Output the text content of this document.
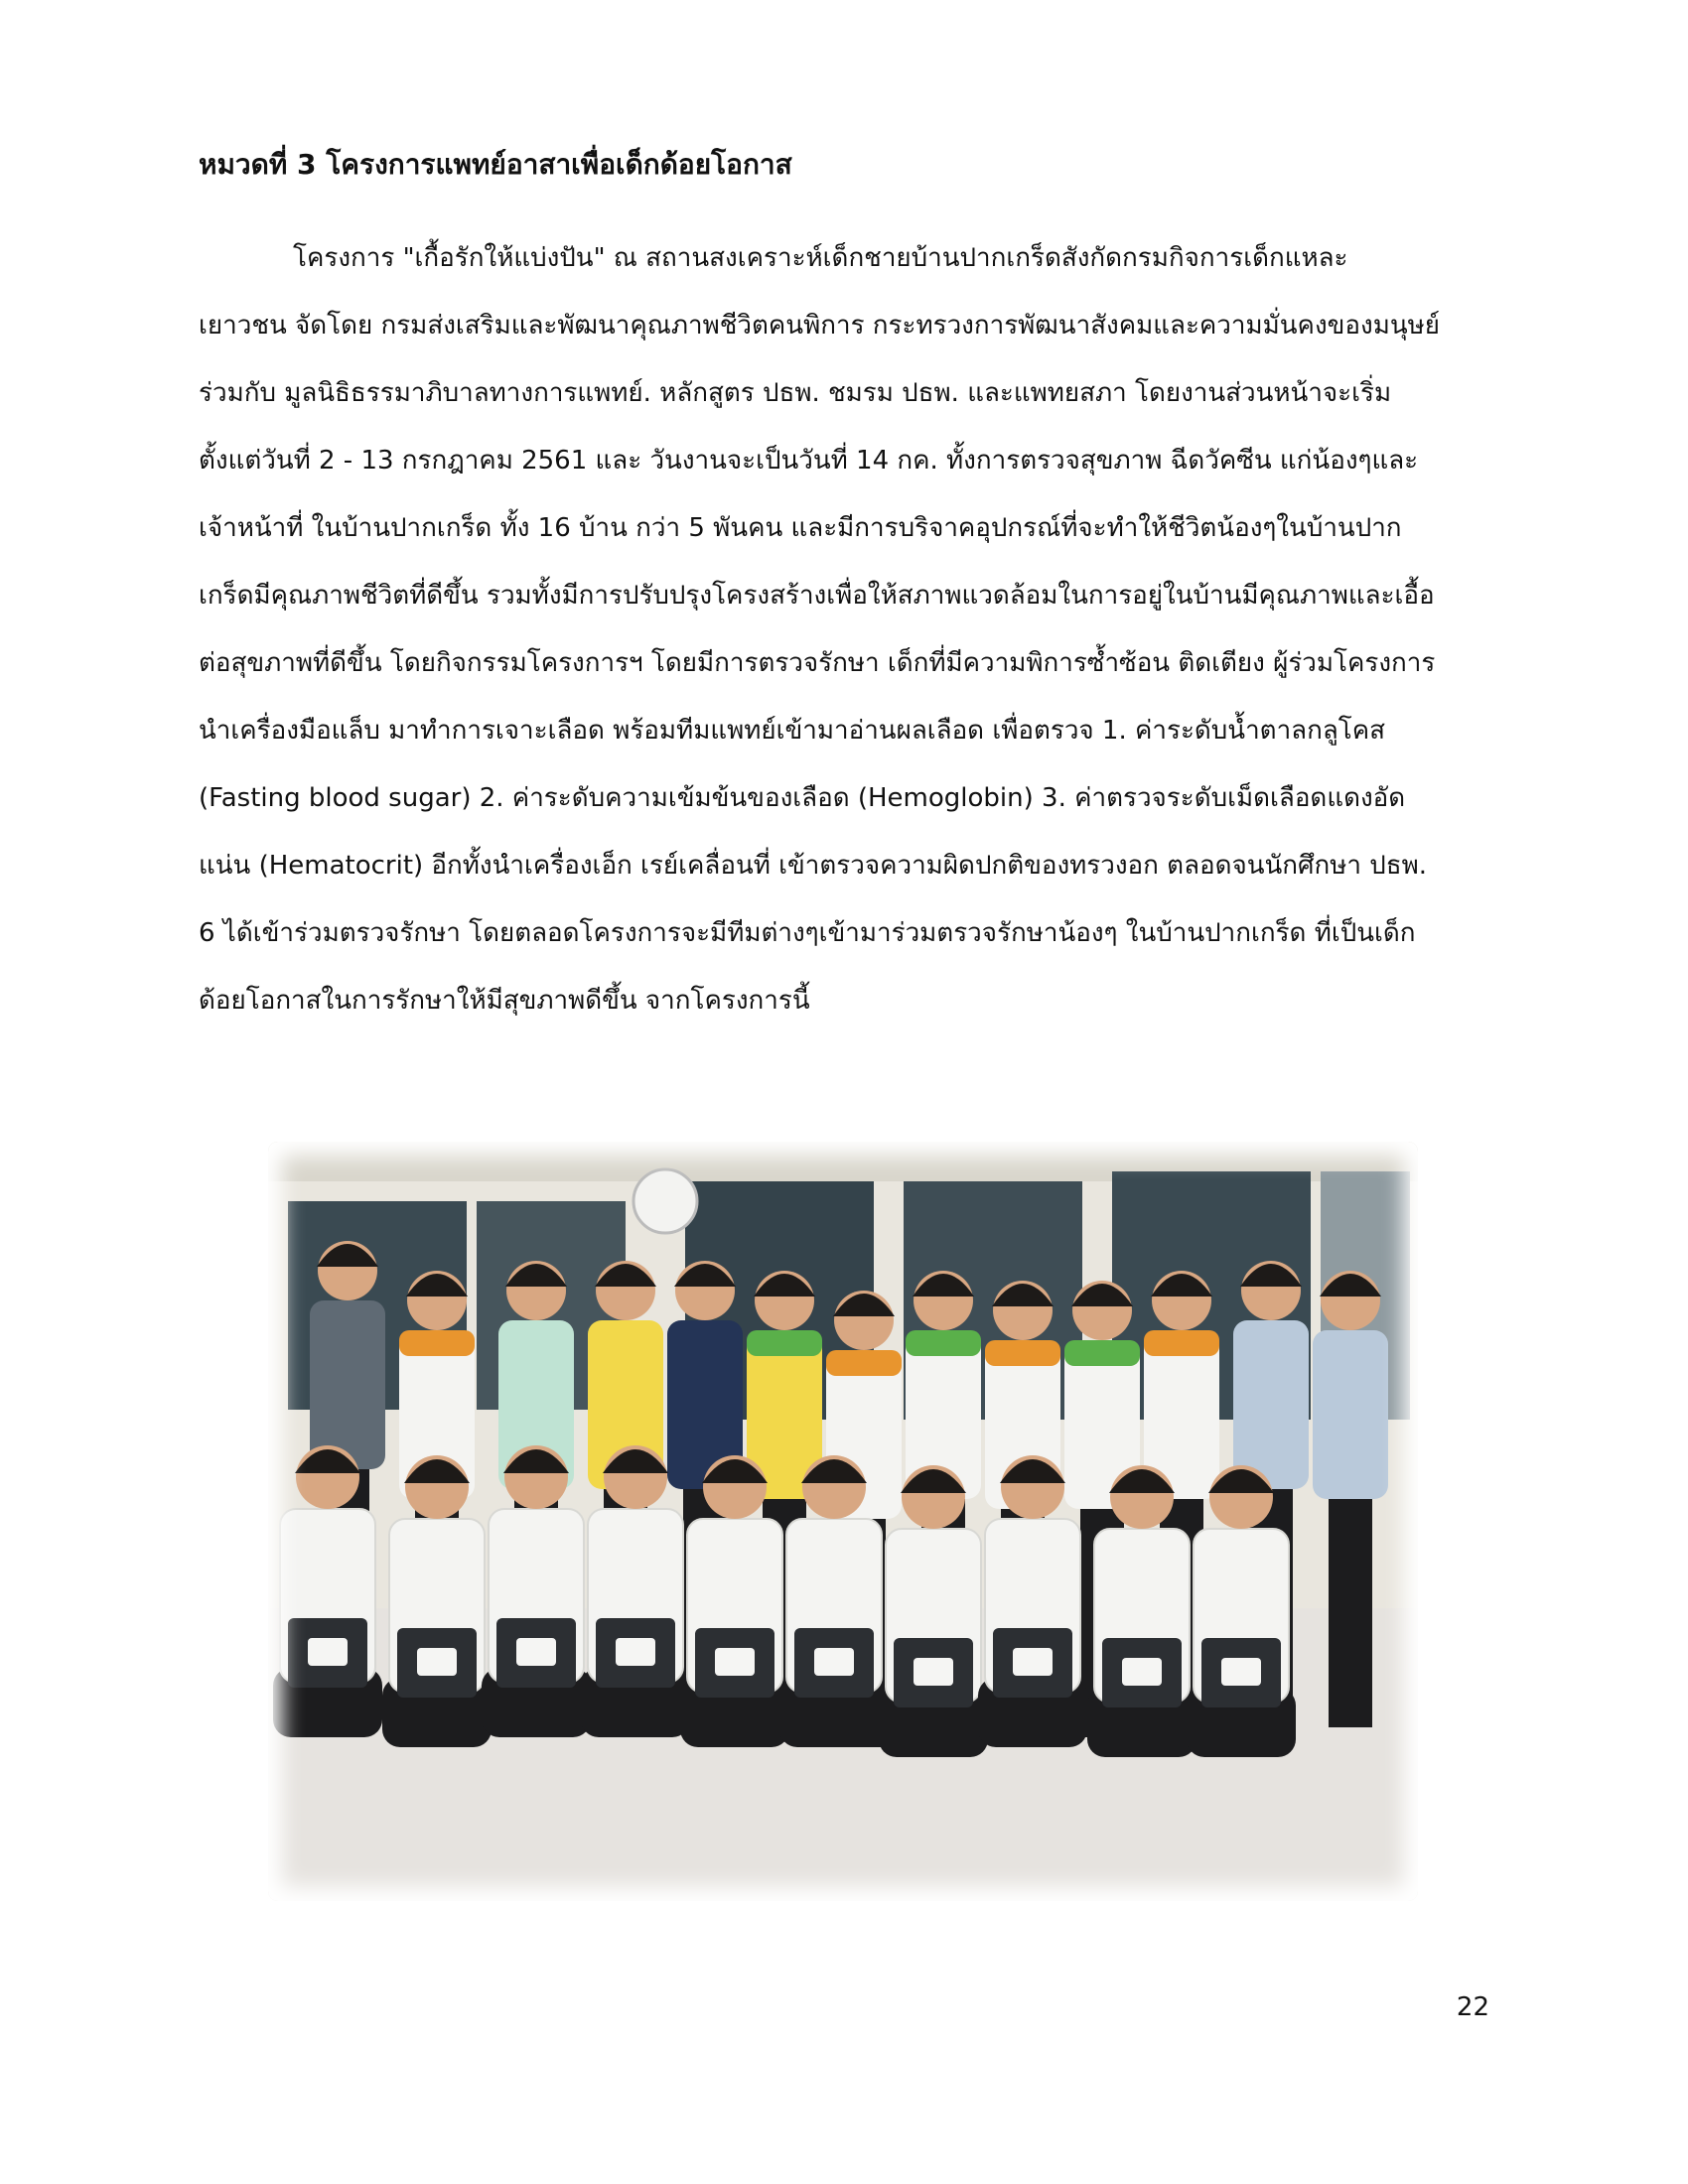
หมวดที่ 3 โครงการแพทย์อาสาเพื่อเด็กด้อยโอกาส
โครงการ "เกื้อรักให้แบ่งปัน" ณ สถานสงเคราะห์เด็กชายบ้านปากเกร็ดสังกัดกรมกิจการเด็กแหละ
เยาวชน จัดโดย กรมส่งเสริมและพัฒนาคุณภาพชีวิตคนพิการ กระทรวงการพัฒนาสังคมและความมั่นคงของมนุษย์
ร่วมกับ มูลนิธิธรรมาภิบาลทางการแพทย์. หลักสูตร ปธพ. ชมรม ปธพ. และแพทยสภา โดยงานส่วนหน้าจะเริ่ม
ตั้งแต่วันที่ 2 - 13 กรกฎาคม 2561 และ วันงานจะเป็นวันที่ 14 กค. ทั้งการตรวจสุขภาพ ฉีดวัคซีน แก่น้องๆและ
เจ้าหน้าที่ ในบ้านปากเกร็ด ทั้ง 16 บ้าน กว่า 5 พันคน และมีการบริจาคอุปกรณ์ที่จะทำให้ชีวิตน้องๆในบ้านปาก
เกร็ดมีคุณภาพชีวิตที่ดีขึ้น รวมทั้งมีการปรับปรุงโครงสร้างเพื่อให้สภาพแวดล้อมในการอยู่ในบ้านมีคุณภาพและเอื้อ
ต่อสุขภาพที่ดีขึ้น โดยกิจกรรมโครงการฯ โดยมีการตรวจรักษา เด็กที่มีความพิการซ้ำซ้อน ติดเตียง ผู้ร่วมโครงการ
นำเครื่องมือแล็บ มาทำการเจาะเลือด พร้อมทีมแพทย์เข้ามาอ่านผลเลือด เพื่อตรวจ 1. ค่าระดับน้ำตาลกลูโคส
(Fasting blood sugar) 2. ค่าระดับความเข้มข้นของเลือด (Hemoglobin) 3. ค่าตรวจระดับเม็ดเลือดแดงอัด
แน่น (Hematocrit) อีกทั้งนำเครื่องเอ็ก เรย์เคลื่อนที่ เข้าตรวจความผิดปกติของทรวงอก ตลอดจนนักศึกษา ปธพ.
6 ได้เข้าร่วมตรวจรักษา โดยตลอดโครงการจะมีทีมต่างๆเข้ามาร่วมตรวจรักษาน้องๆ ในบ้านปากเกร็ด ที่เป็นเด็ก
ด้อยโอกาสในการรักษาให้มีสุขภาพดีขึ้น จากโครงการนี้
22
